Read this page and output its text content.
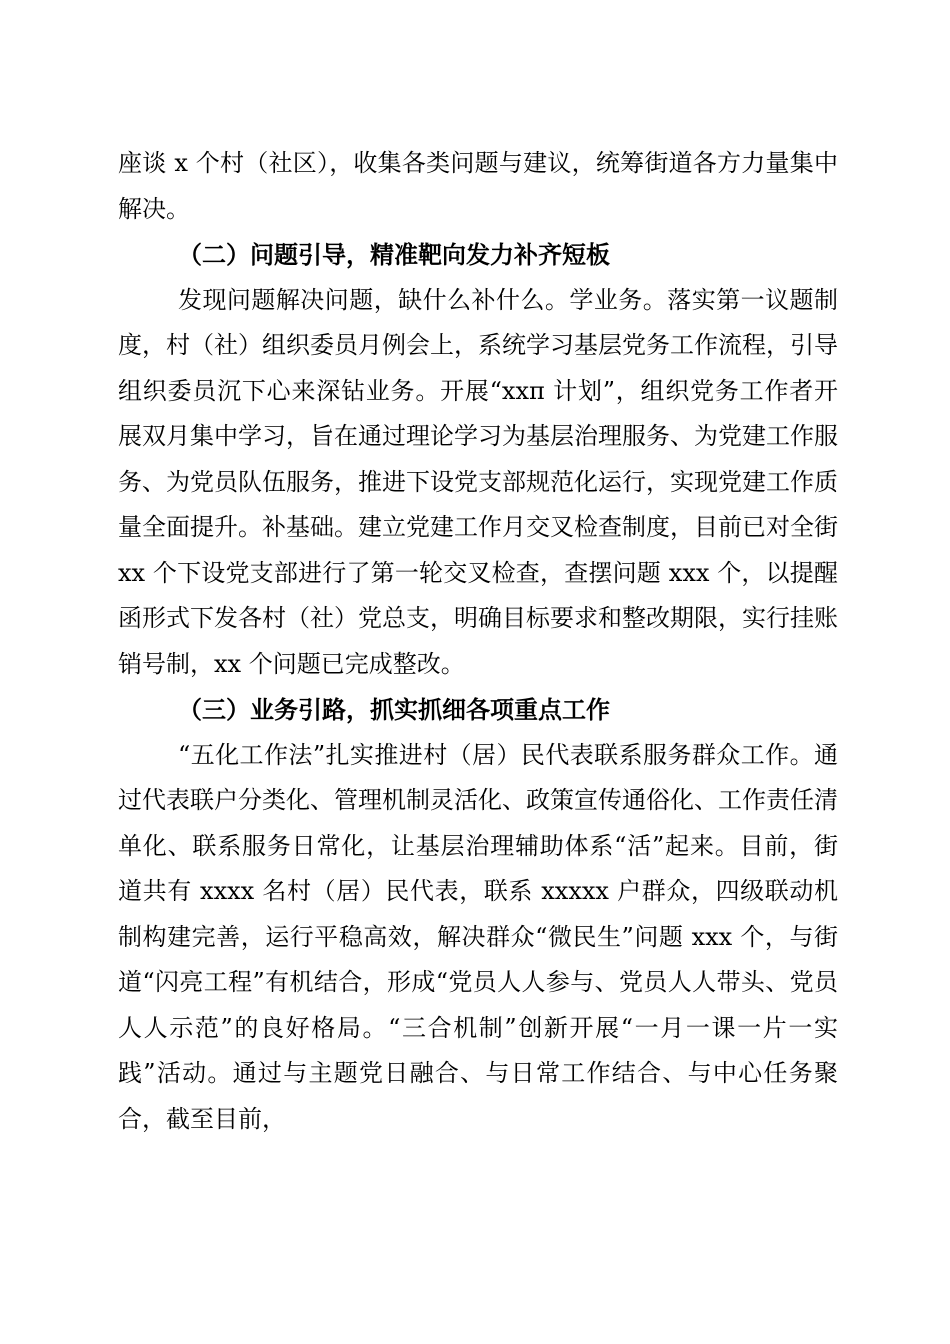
座谈 x 个村（社区），收集各类问题与建议，统筹街道各方力量集中解决。

（二）问题引导，精准靶向发力补齐短板

发现问题解决问题，缺什么补什么。学业务。落实第一议题制度，村（社）组织委员月例会上，系统学习基层党务工作流程，引导组织委员沉下心来深钻业务。开展“xxπ 计划”，组织党务工作者开展双月集中学习，旨在通过理论学习为基层治理服务、为党建工作服务、为党员队伍服务，推进下设党支部规范化运行，实现党建工作质量全面提升。补基础。建立党建工作月交叉检查制度，目前已对全街 xx 个下设党支部进行了第一轮交叉检查，查摆问题 xxx 个，以提醒函形式下发各村（社）党总支，明确目标要求和整改期限，实行挂账销号制，xx 个问题已完成整改。

（三）业务引路，抓实抓细各项重点工作

“五化工作法”扎实推进村（居）民代表联系服务群众工作。通过代表联户分类化、管理机制灵活化、政策宣传通俗化、工作责任清单化、联系服务日常化，让基层治理辅助体系“活”起来。目前，街道共有 xxxx 名村（居）民代表，联系 xxxxx 户群众，四级联动机制构建完善，运行平稳高效，解决群众“微民生”问题 xxx 个，与街道“闪亮工程”有机结合，形成“党员人人参与、党员人人带头、党员人人示范”的良好格局。“三合机制”创新开展“一月一课一片一实践”活动。通过与主题党日融合、与日常工作结合、与中心任务聚合，截至目前，
